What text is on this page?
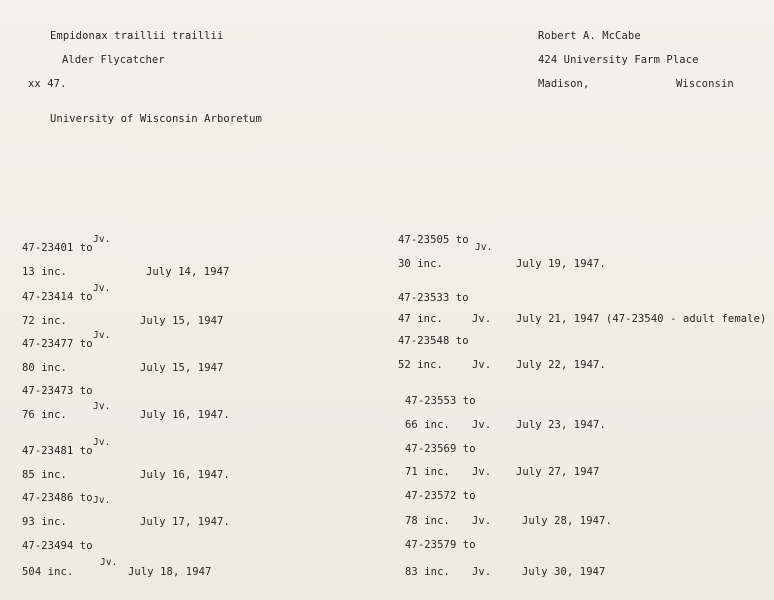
Empidonax traillii traillii
Alder Flycatcher
xx 47.
University of Wisconsin Arboretum
Robert A. McCabe
424 University Farm Place
Madison,	Wisconsin
47-23401 to
Jv.
13 inc.	July 14, 1947
47-23414 to
Jv.
72 inc.	July 15, 1947
47-23477 to
Jv.
80 inc.	July 15, 1947
47-23473 to
Jv.
76 inc.	July 16, 1947.
47-23481 to
Jv.
85 inc.	July 16, 1947.
47-23486 to Jv.
93 inc.	July 17, 1947.
47-23494 to
Jv.
504 inc.	July 18, 1947
47-23505 to
Jv.
30 inc.	July 19, 1947.
47-23533 to
47 inc.	Jv. July 21, 1947 (47-23540 - adult female)
47-23548 to
52 inc.	Jv. July 22, 1947.
47-23553 to
66 inc. Jv. July 23, 1947.
47-23569 to
71 inc. Jv. July 27, 1947
47-23572 to
78 inc. Jv.	July 28, 1947.
47-23579 to
83 inc. Jv.	July 30, 1947
